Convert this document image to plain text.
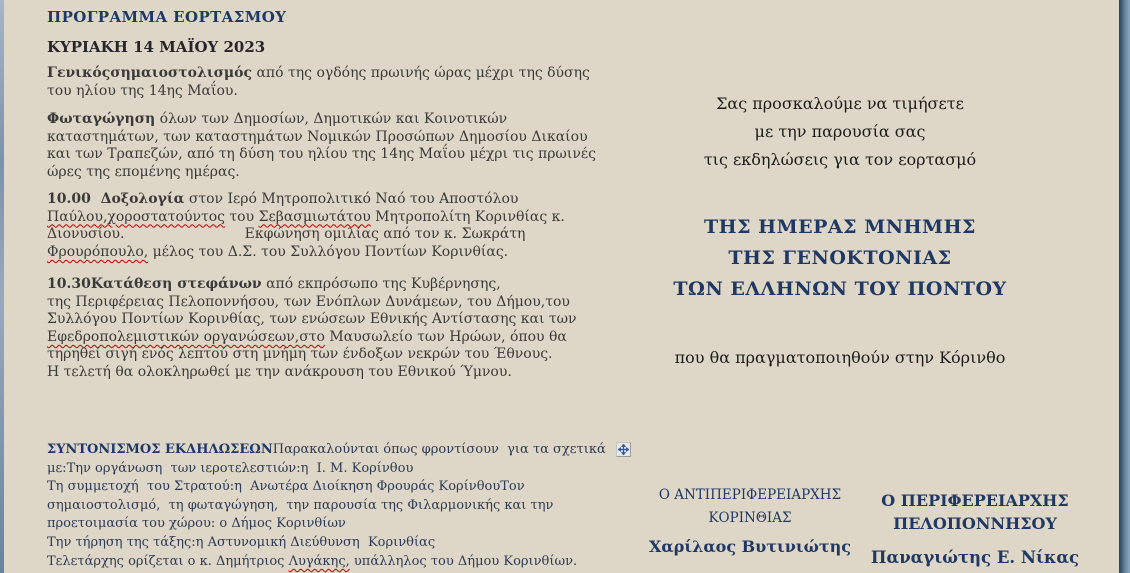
ΠΡΟΓΡΑΜΜΑ ΕΟΡΤΑΣΜΟΥ
ΚΥΡΙΑΚΗ 14 ΜΑΪΟΥ 2023
Γενικόςσημαιοστολισμός από της ογδόης πρωινής ώρας μέχρι της δύσης
του ηλίου της 14ης Μαΐου.
Φωταγώγηση όλων των Δημοσίων, Δημοτικών και Κοινοτικών
καταστημάτων, των καταστημάτων Νομικών Προσώπων Δημοσίου Δικαίου
και των Τραπεζών, από τη δύση του ηλίου της 14ης Μαΐου μέχρι τις πρωινές
ώρες της επομένης ημέρας.
10.00  Δοξολογία στον Ιερό Μητροπολιτικό Ναό του Αποστόλου
Παύλου,χοροστατούντος του Σεβασμιωτάτου Μητροπολίτη Κορινθίας κ.
Διονυσίου.                           Εκφώνηση ομιλίας από τον κ. Σωκράτη
Φρουρόπουλο, μέλος του Δ.Σ. του Συλλόγου Ποντίων Κορινθίας.
10.30Κατάθεση στεφάνων από εκπρόσωπο της Κυβέρνησης,
της Περιφέρειας Πελοποννήσου, των Ενόπλων Δυνάμεων, του Δήμου,του
Συλλόγου Ποντίων Κορινθίας, των ενώσεων Εθνικής Αντίστασης και των
Εφεδροπολεμιστικών οργανώσεων,στο Μαυσωλείο των Ηρώων, όπου θα
τηρηθεί σιγή ενός λεπτού στη μνήμη των ένδοξων νεκρών του Έθνους.
Η τελετή θα ολοκληρωθεί με την ανάκρουση του Εθνικού Ύμνου.
ΣΥΝΤΟΝΙΣΜΟΣ ΕΚΔΗΛΩΣΕΩΝΠαρακαλούνται όπως φροντίσουν  για τα σχετικά
με:Την οργάνωση  των ιεροτελεστιών:η  Ι. Μ. Κορίνθου
Τη συμμετοχή  του Στρατού:η  Ανωτέρα Διοίκηση Φρουράς ΚορίνθουΤον
σημαιοστολισμό,  τη φωταγώγηση,  την παρουσία της Φιλαρμονικής και την
προετοιμασία του χώρου: ο Δήμος Κορινθίων
Την τήρηση της τάξης:η Αστυνομική Διεύθυνση  Κορινθίας
Τελετάρχης ορίζεται ο κ. Δημήτριος Λυγάκης, υπάλληλος του Δήμου Κορινθίων.
Σας προσκαλούμε να τιμήσετε
με την παρουσία σας
τις εκδηλώσεις για τον εορτασμό
ΤΗΣ ΗΜΕΡΑΣ ΜΝΗΜΗΣ
ΤΗΣ ΓΕΝΟΚΤΟΝΙΑΣ
ΤΩΝ ΕΛΛΗΝΩΝ ΤΟΥ ΠΟΝΤΟΥ
που θα πραγματοποιηθούν στην Κόρινθο
Ο ΑΝΤΙΠΕΡΙΦΕΡΕΙΑΡΧΗΣ
ΚΟΡΙΝΘΙΑΣ
Χαρίλαος Βυτινιώτης
Ο ΠΕΡΙΦΕΡΕΙΑΡΧΗΣ
ΠΕΛΟΠΟΝΝΗΣΟΥ
Παναγιώτης Ε. Νίκας
